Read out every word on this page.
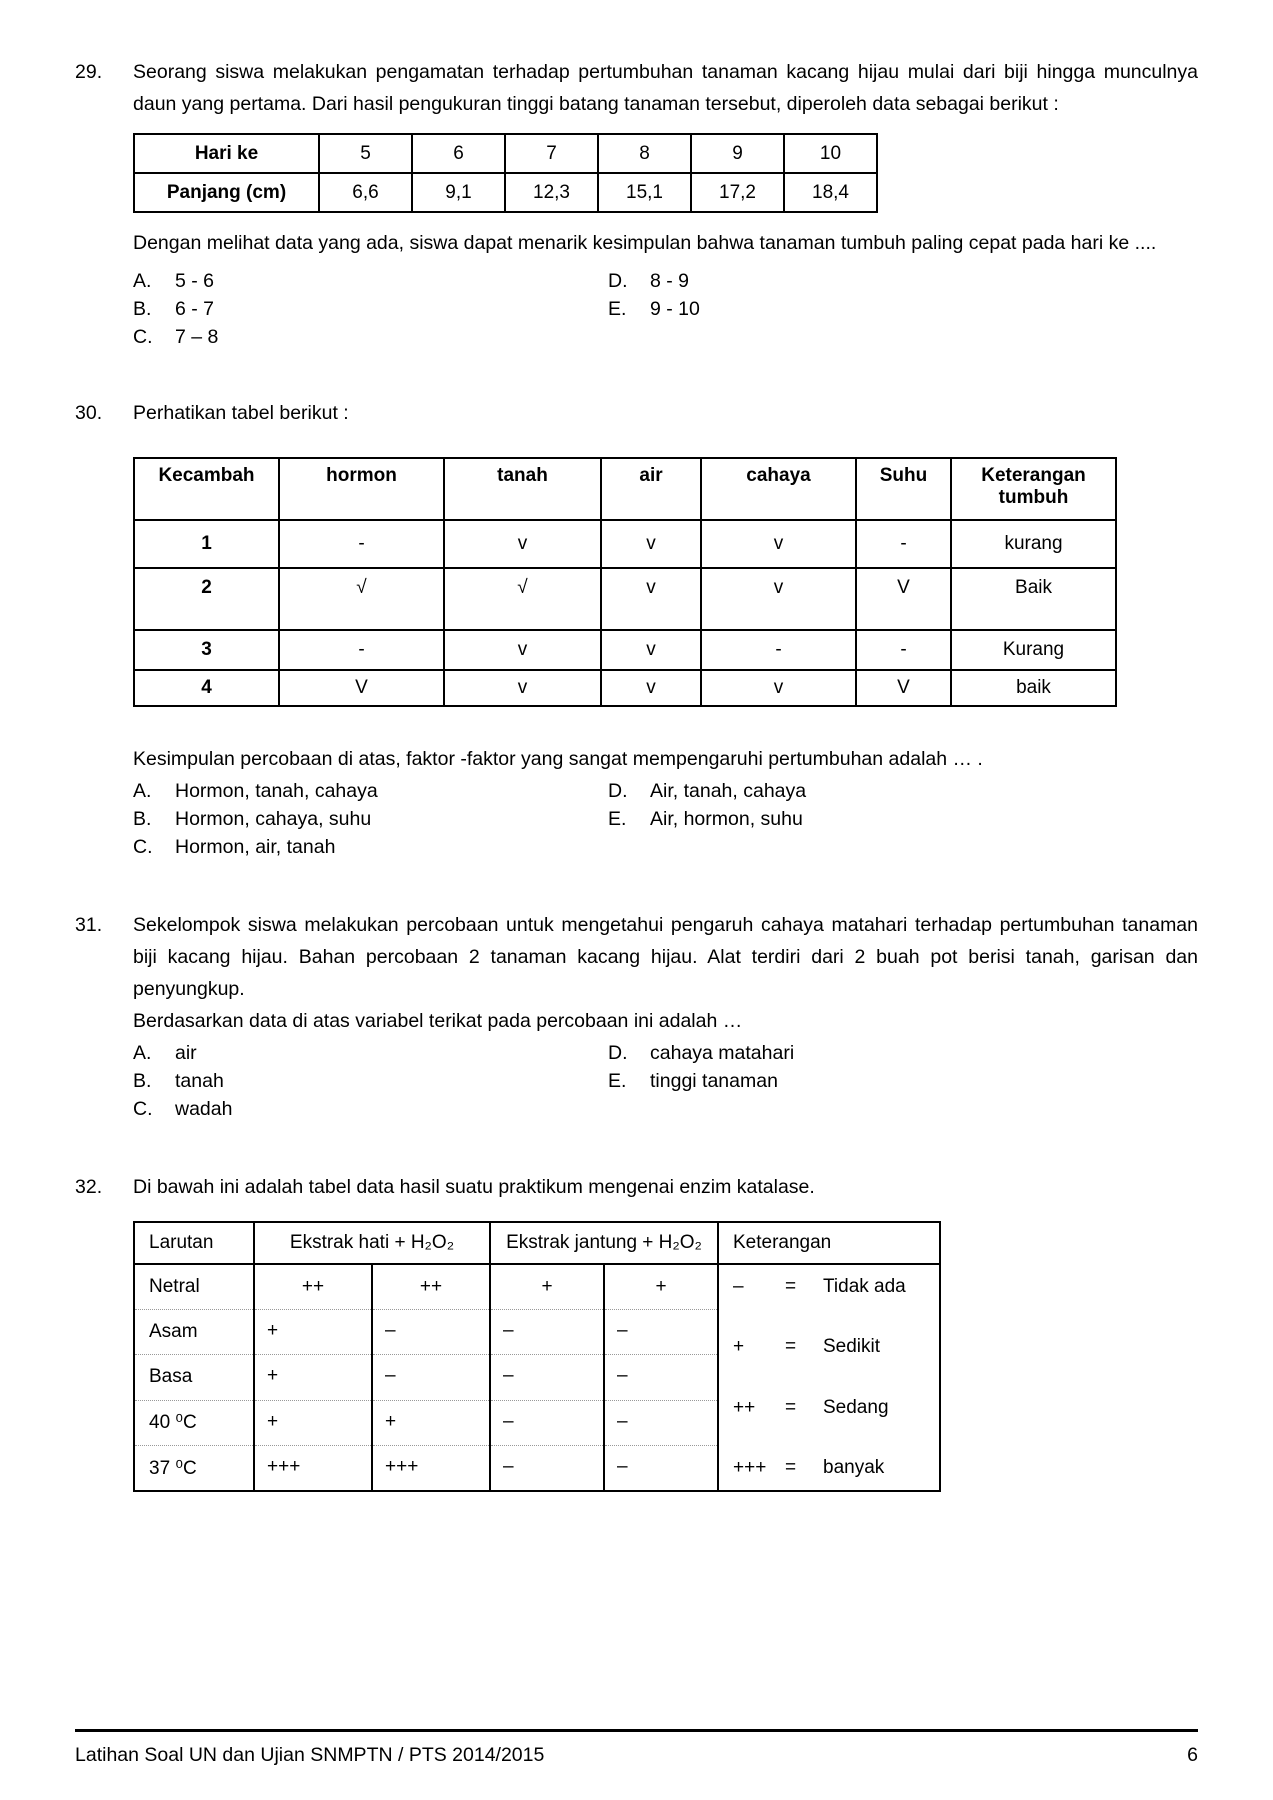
29.	Seorang siswa melakukan pengamatan terhadap pertumbuhan tanaman kacang hijau mulai dari biji hingga munculnya daun yang pertama. Dari hasil pengukuran tinggi batang tanaman tersebut, diperoleh data sebagai berikut :

Hari ke	5	6	7	8	9	10
Panjang (cm)	6,6	9,1	12,3	15,1	17,2	18,4

Dengan melihat data yang ada, siswa dapat menarik kesimpulan bahwa tanaman tumbuh paling cepat pada hari ke ....

A.	5 - 6	D.	8 - 9
B.	6 - 7	E.	9 - 10
C.	7 – 8
30.	Perhatikan tabel berikut :

Kecambah	hormon	tanah	air	cahaya	Suhu	Keterangan tumbuh
1	-	v	v	v	-	kurang
2	√	√	v	v	V	Baik
3	-	v	v	-	-	Kurang
4	V	v	v	v	V	baik

Kesimpulan percobaan di atas, faktor -faktor yang sangat mempengaruhi pertumbuhan adalah … .

A.	Hormon, tanah, cahaya	D.	Air, tanah, cahaya
B.	Hormon, cahaya, suhu	E.	Air, hormon, suhu
C.	Hormon, air, tanah
31.	Sekelompok siswa melakukan percobaan untuk mengetahui pengaruh cahaya matahari terhadap pertumbuhan tanaman biji kacang hijau. Bahan percobaan 2 tanaman kacang hijau. Alat terdiri dari 2 buah pot berisi tanah, garisan dan penyungkup.

Berdasarkan data di atas variabel terikat pada percobaan ini adalah …

A.	air	D.	cahaya matahari
B.	tanah	E.	tinggi tanaman
C.	wadah
32.	Di bawah ini adalah tabel data hasil suatu praktikum mengenai enzim katalase.

Larutan	Ekstrak hati + H₂O₂		Ekstrak jantung + H₂O₂		Keterangan
Netral	++	++	+	+	–	=	Tidak ada
+	=	Sedikit
++	=	Sedang
+++ =	banyak

Asam	+	–	–	–	
Basa	+	–	–	–	
40 ⁰C	+	+	–	–	
37 ⁰C	+++	+++	–	–	
Latihan Soal UN dan Ujian SNMPTN / PTS 2014/2015	6
